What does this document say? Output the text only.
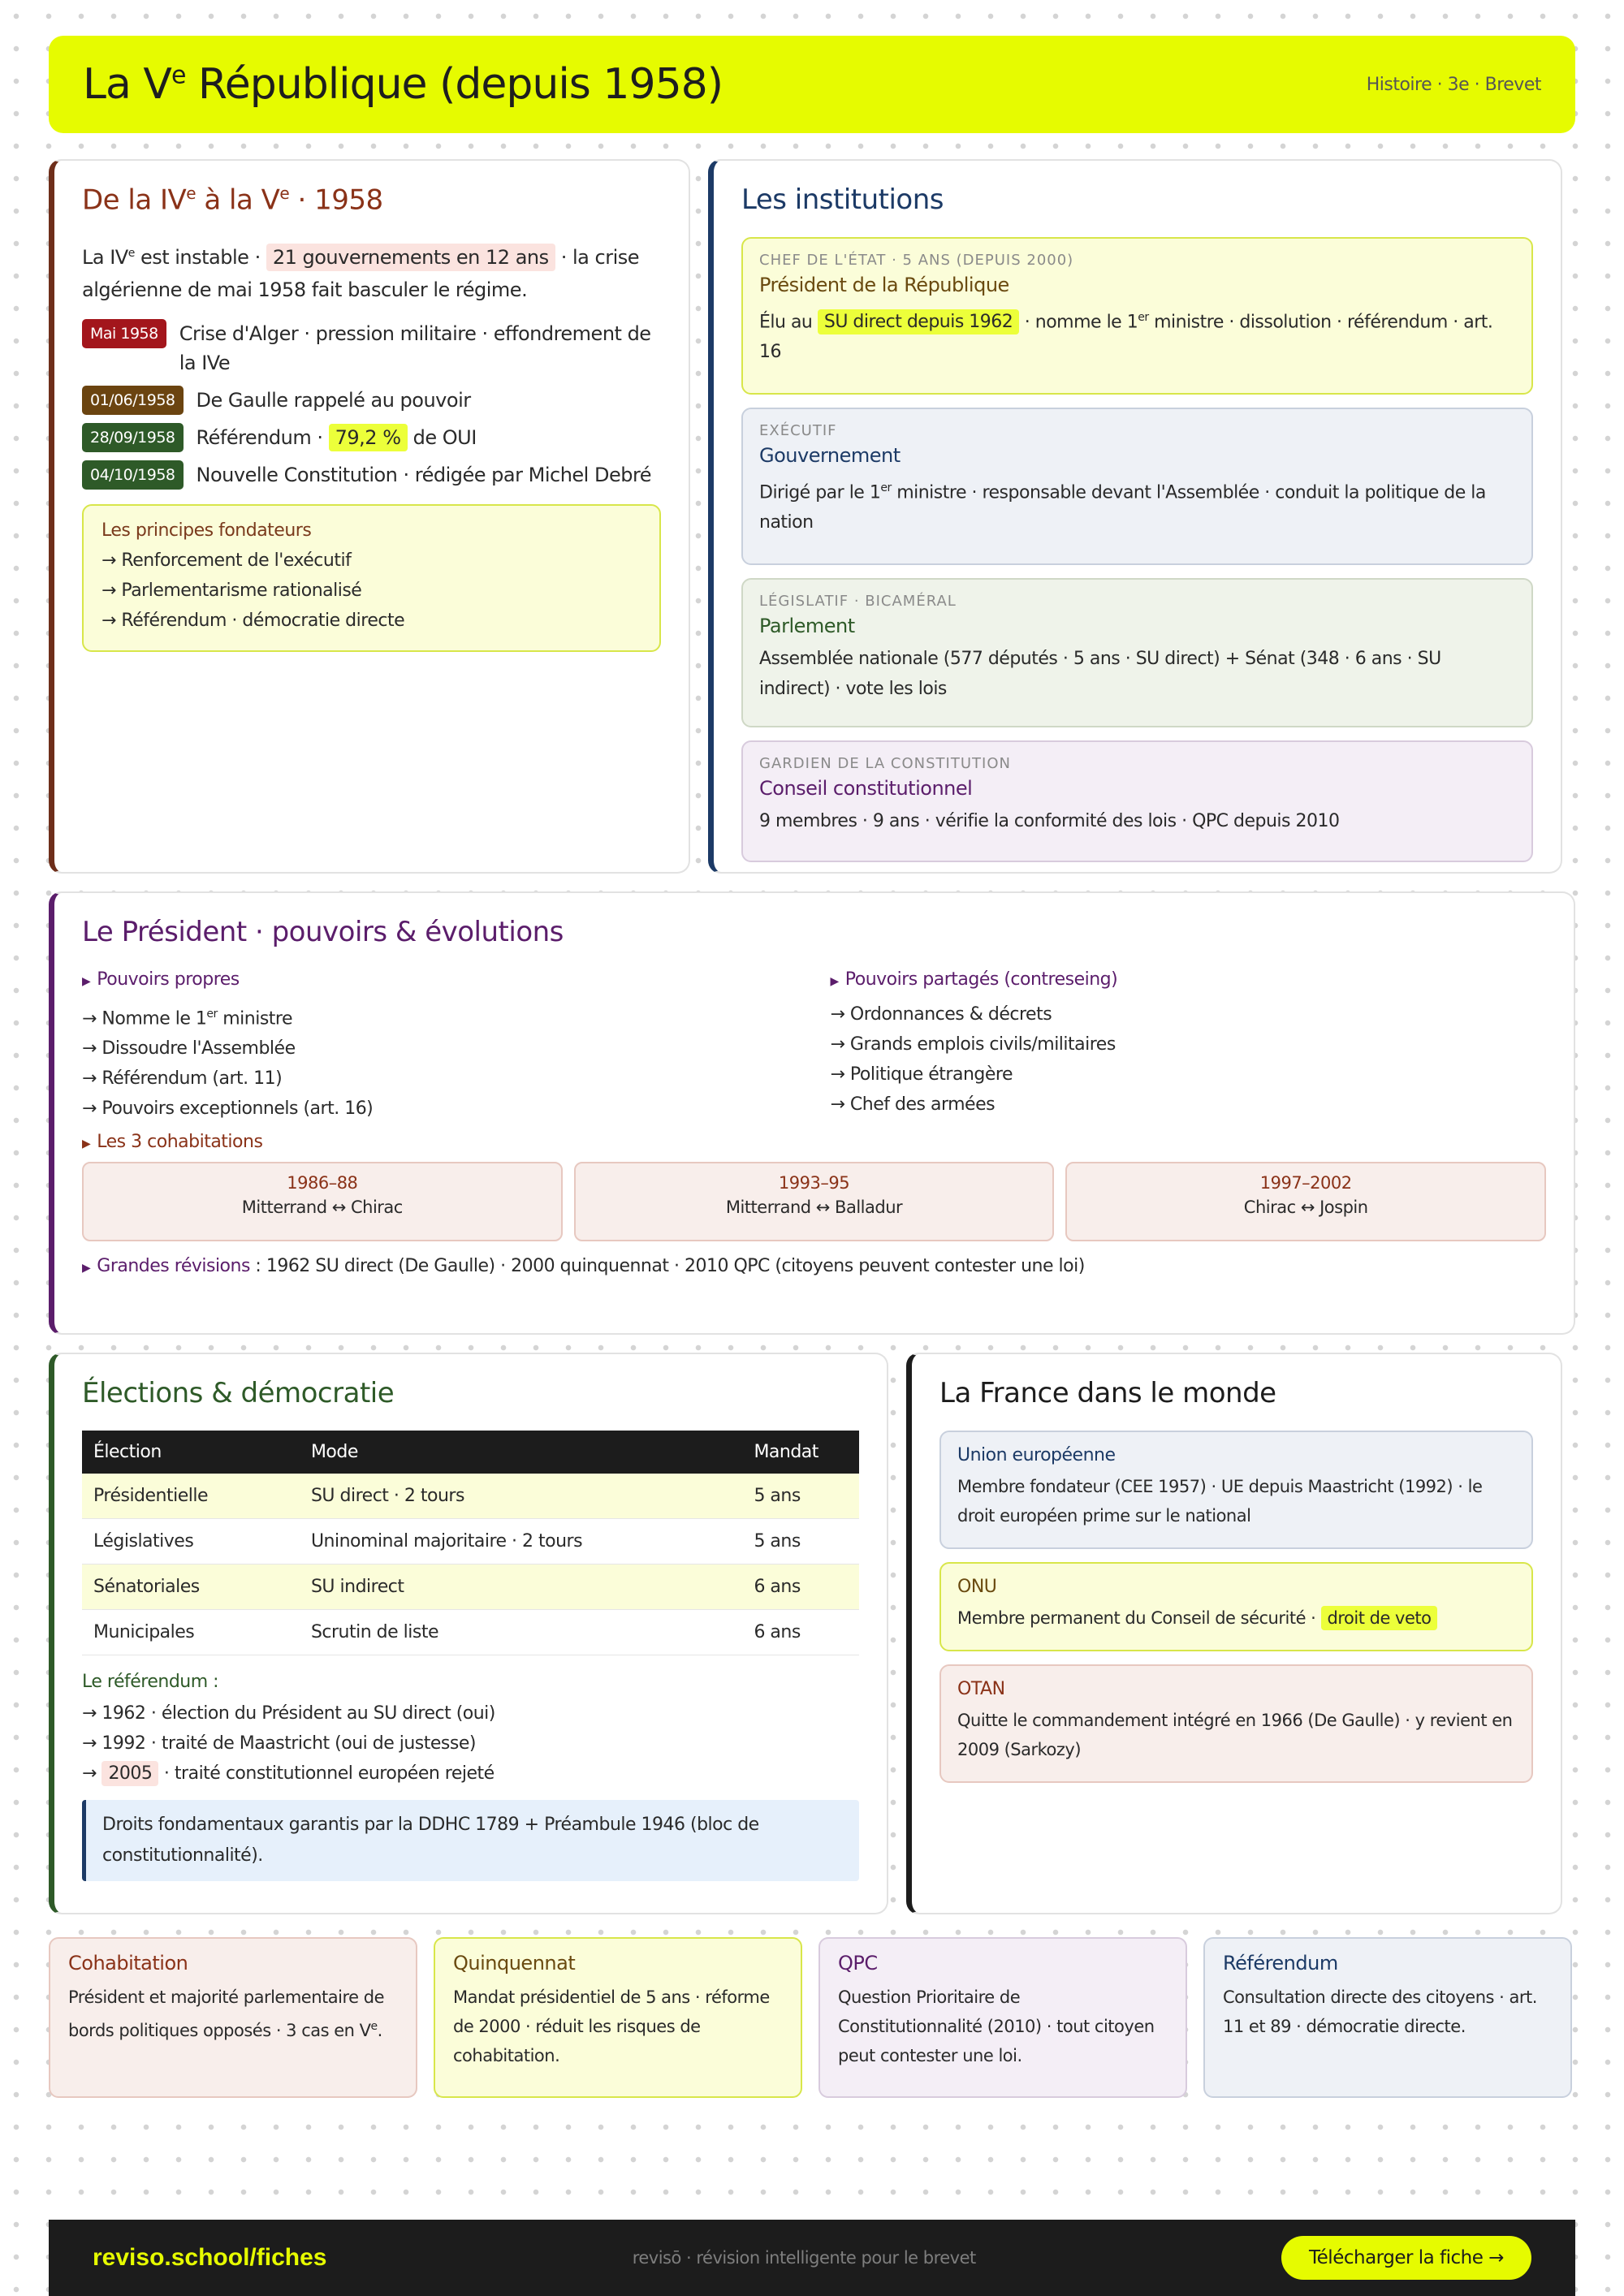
La Ve République (depuis 1958)	Histoire · 3e · Brevet
De la IVe à la $V^e \cdot 1958$

La IVe est instable · 21 gouvernements en 12 ans · la crise algérienne de mai 1958 fait basculer le régime.

Mai 1958	Crise d'Alger · pression militaire · effondrement de la IVe
01/06/1958	De Gaulle rappelé au pouvoir
28/09/1958	Référendum · 79,2 % de OUI
04/10/1958	Nouvelle Constitution · rédigée par Michel Debré
Les principes fondateurs
→ Renforcement de l'exécutif
→ Parlementarisme rationalisé
→ Référendum · démocratie directe
Les institutions
CHEF DE L'ÉTAT · 5 ANS (DEPUIS 2000)
Président de la République
Élu au SU direct depuis 1962 · nomme le 1er ministre · dissolution · référendum · art. 16
EXÉCUTIF
Gouvernement
Dirigé par le 1er ministre · responsable devant l'Assemblée · conduit la politique de la nation
LÉGISLATIF · BICAMÉRAL
Parlement
Assemblée nationale (577 députés · 5 ans · SU direct) + Sénat (348 · 6 ans · SU indirect) · vote les lois
GARDIEN DE LA CONSTITUTION
Conseil constitutionnel
9 membres · 9 ans · vérifie la conformité des lois · QPC depuis 2010
Le Président · pouvoirs & évolutions
▶ Pouvoirs propres
→ Nomme le 1er ministre
→ Dissoudre l'Assemblée
→ Référendum (art. 11)
→ Pouvoirs exceptionnels (art. 16)
▶ Pouvoirs partagés (contreseing)
→ Ordonnances & décrets
→ Grands emplois civils/militaires
→ Politique étrangère
→ Chef des armées
▶ Les 3 cohabitations
1986–88
Mitterrand ↔ Chirac
1993–95
Mitterrand ↔ Balladur
1997–2002
Chirac ↔ Jospin
▶ Grandes révisions : 1962 SU direct (De Gaulle) · 2000 quinquennat · 2010 QPC (citoyens peuvent contester une loi)
Élections & démocratie
Élection	Mode	Mandat
Présidentielle	SU direct · 2 tours	5 ans
Législatives	Uninominal majoritaire · 2 tours	5 ans
Sénatoriales	SU indirect	6 ans
Municipales	Scrutin de liste	6 ans
Le référendum :
→ 1962 · élection du Président au SU direct (oui)
→ 1992 · traité de Maastricht (oui de justesse)
→ 2005 · traité constitutionnel européen rejeté
Droits fondamentaux garantis par la DDHC 1789 + Préambule 1946 (bloc de constitutionnalité).
La France dans le monde
Union européenne
Membre fondateur (CEE 1957) · UE depuis Maastricht (1992) · le droit européen prime sur le national
ONU
Membre permanent du Conseil de sécurité · droit de veto
OTAN
Quitte le commandement intégré en 1966 (De Gaulle) · y revient en 2009 (Sarkozy)
Cohabitation
Président et majorité parlementaire de bords politiques opposés · 3 cas en Ve.
Quinquennat
Mandat présidentiel de 5 ans · réforme de 2000 · réduit les risques de cohabitation.
QPC
Question Prioritaire de Constitutionnalité (2010) · tout citoyen peut contester une loi.
Référendum
Consultation directe des citoyens · art. 11 et 89 · démocratie directe.
reviso.school/fiches	revisō · révision intelligente pour le brevet	Télécharger la fiche →
